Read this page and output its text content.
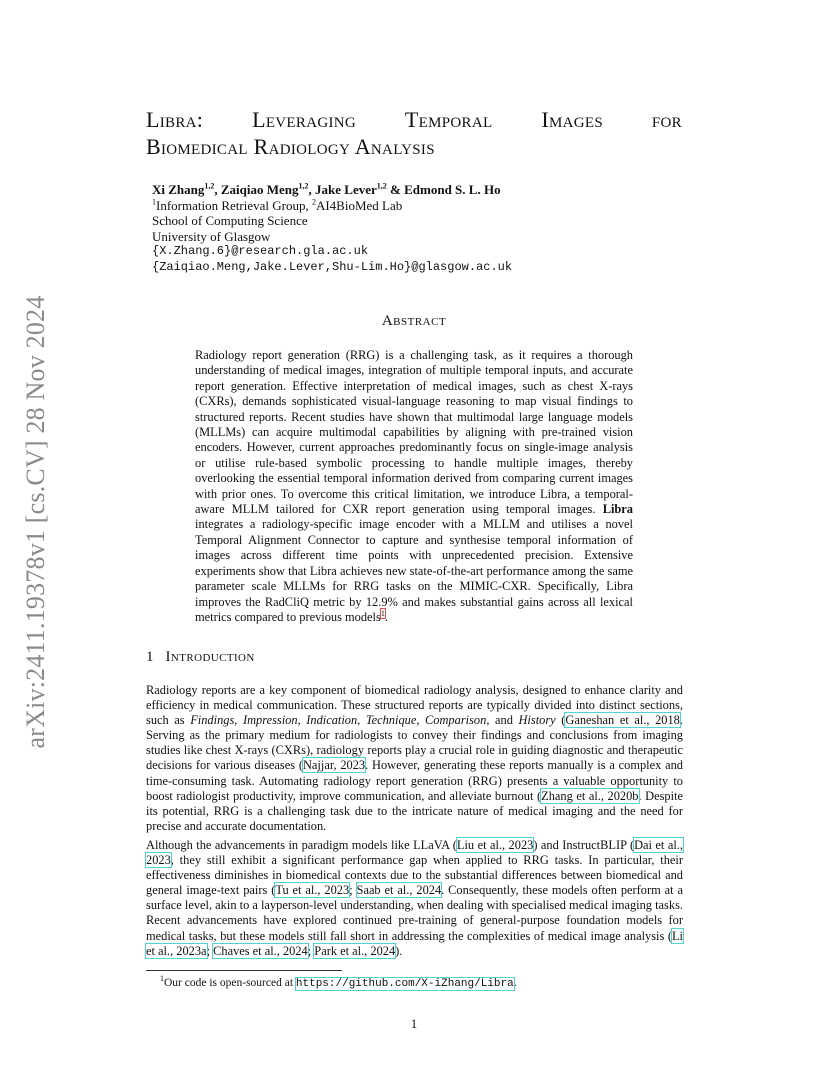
arXiv:2411.19378v1 [cs.CV] 28 Nov 2024
Libra: Leveraging Temporal Images for
Biomedical Radiology Analysis
Xi Zhang$^{1,2}$, Zaiqiao Meng$^{1,2}$, Jake Lever$^{1,2}$ & Edmond S. L. Ho
$^1$Information Retrieval Group, $^2$AI4BioMed Lab
School of Computing Science
University of Glasgow
{X.Zhang.6}@research.gla.ac.uk
{Zaiqiao.Meng,Jake.Lever,Shu-Lim.Ho}@glasgow.ac.uk
Abstract
Radiology report generation (RRG) is a challenging task, as it requires a thorough understanding of medical images, integration of multiple temporal inputs, and accurate report generation. Effective interpretation of medical images, such as chest X-rays (CXRs), demands sophisticated visual-language reasoning to map visual findings to structured reports. Recent studies have shown that multimodal large language models (MLLMs) can acquire multimodal capabilities by aligning with pre-trained vision encoders. However, current approaches predominantly focus on single-image analysis or utilise rule-based symbolic processing to handle multiple images, thereby overlooking the essential temporal information derived from comparing current images with prior ones. To overcome this critical limitation, we introduce Libra, a temporal-aware MLLM tailored for CXR report generation using temporal images. Libra integrates a radiology-specific image encoder with a MLLM and utilises a novel Temporal Alignment Connector to capture and synthesise temporal information of images across different time points with unprecedented precision. Extensive experiments show that Libra achieves new state-of-the-art performance among the same parameter scale MLLMs for RRG tasks on the MIMIC-CXR. Specifically, Libra improves the RadCliQ metric by 12.9% and makes substantial gains across all lexical metrics compared to previous models$^1$.
1 Introduction
Radiology reports are a key component of biomedical radiology analysis, designed to enhance clarity and efficiency in medical communication. These structured reports are typically divided into distinct sections, such as Findings, Impression, Indication, Technique, Comparison, and History (Ganeshan et al., 2018. Serving as the primary medium for radiologists to convey their findings and conclusions from imaging studies like chest X-rays (CXRs), radiology reports play a crucial role in guiding diagnostic and therapeutic decisions for various diseases (Najjar, 2023. However, generating these reports manually is a complex and time-consuming task. Automating radiology report generation (RRG) presents a valuable opportunity to boost radiologist productivity, improve communication, and alleviate burnout (Zhang et al., 2020b. Despite its potential, RRG is a challenging task due to the intricate nature of medical imaging and the need for precise and accurate documentation.
Although the advancements in paradigm models like LLaVA (Liu et al., 2023) and InstructBLIP (Dai et al., 2023, they still exhibit a significant performance gap when applied to RRG tasks. In particular, their effectiveness diminishes in biomedical contexts due to the substantial differences between biomedical and general image-text pairs (Tu et al., 2023; Saab et al., 2024. Consequently, these models often perform at a surface level, akin to a layperson-level understanding, when dealing with specialised medical imaging tasks. Recent advancements have explored continued pre-training of general-purpose foundation models for medical tasks, but these models still fall short in addressing the complexities of medical image analysis (Li et al., 2023a; Chaves et al., 2024; Park et al., 2024).
$^1$Our code is open-sourced at https://github.com/X-iZhang/Libra.
1
